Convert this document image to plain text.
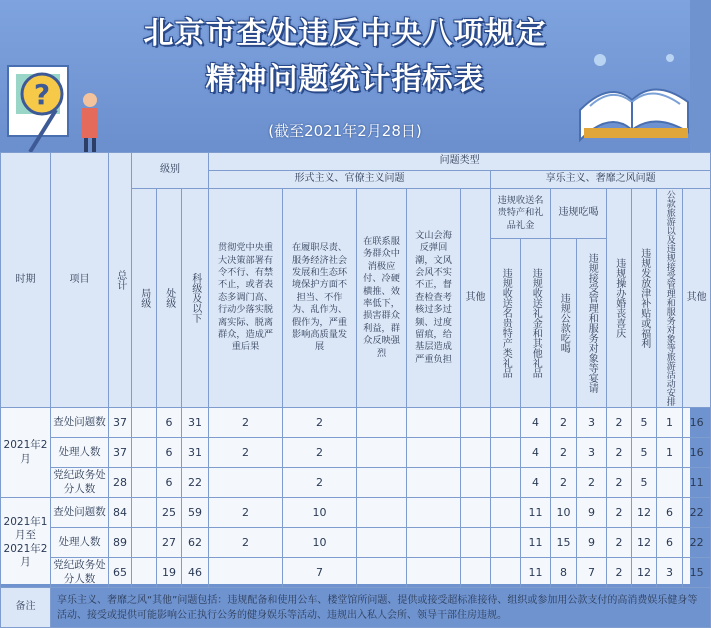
?
北京市查处违反中央八项规定
精神问题统计指标表
(截至2021年2月28日)
时期	项目	总计	级别			问题类型												
						形式主义、官僚主义问题					享乐主义、奢靡之风问题							

			局级	处级	科级及以下	贯彻党中央重大决策部署有令不行、有禁不止，或者表态多调门高、行动少落实脱离实际、脱离群众，造成严重后果	在履职尽责、服务经济社会发展和生态环境保护方面不担当、不作为、乱作为、假作为，严重影响高质量发展	在联系服务群众中消极应付、冷硬横推、效率低下，损害群众利益，群众反映强烈	文山会海反弹回潮，文风会风不实不正，督查检查考核过多过频、过度留痕，给基层造成严重负担	其他	违规收送名贵特产和礼品礼金		违规吃喝		违规操办婚丧喜庆	违规发放津补贴或福利	公款旅游以及违规接受管理和服务对象等旅游活动安排	其他

											违规收送名贵特产类礼品	违规收送礼金和其他礼品	违规公款吃喝	违规接受管理和服务对象等宴请				

2021年2月	查处问题数	37		6	31	2	2					4	2	3	2	5	1	16
	处理人数	37		6	31	2	2					4	2	3	2	5	1	16
	党纪政务处分人数	28		6	22		2					4	2	2	2	5		11
2021年1月至2021年2月	查处问题数	84		25	59	2	10					11	10	9	2	12	6	22
	处理人数	89		27	62	2	10					11	15	9	2	12	6	22
	党纪政务处分人数	65		19	46		7					11	8	7	2	12	3	15
备注	享乐主义、奢靡之风“其他”问题包括：违规配备和使用公车、楼堂馆所问题、提供或接受超标准接待、组织或参加用公款支付的高消费娱乐健身等活动、接受或提供可能影响公正执行公务的健身娱乐等活动、违规出入私人会所、领导干部住房违规。																	
